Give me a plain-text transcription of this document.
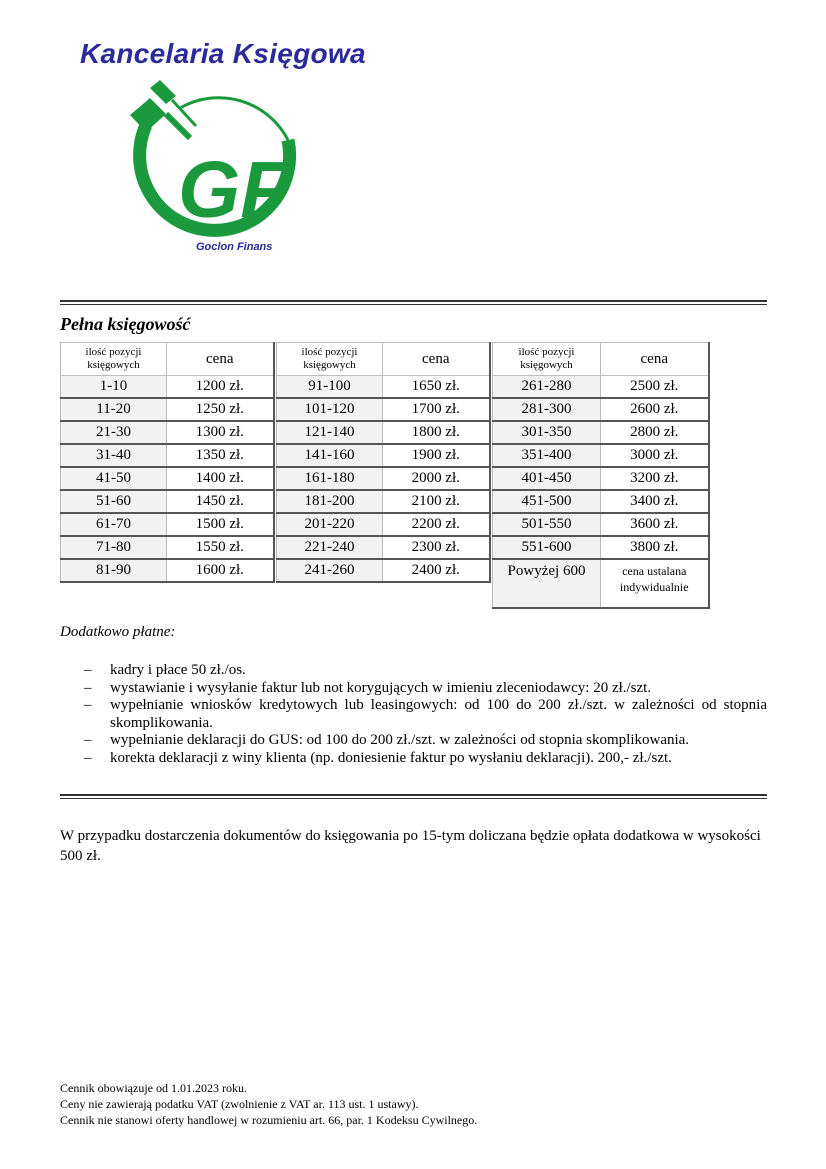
Kancelaria Księgowa
GF
Goclon Finans
Pełna księgowość
ilość pozycji księgowych	cena
1-10	1200 zł.
11-20	1250 zł.
21-30	1300 zł.
31-40	1350 zł.
41-50	1400 zł.
51-60	1450 zł.
61-70	1500 zł.
71-80	1550 zł.
81-90	1600 zł.
ilość pozycji księgowych	cena
91-100	1650 zł.
101-120	1700 zł.
121-140	1800 zł.
141-160	1900 zł.
161-180	2000 zł.
181-200	2100 zł.
201-220	2200 zł.
221-240	2300 zł.
241-260	2400 zł.
ilość pozycji księgowych	cena
261-280	2500 zł.
281-300	2600 zł.
301-350	2800 zł.
351-400	3000 zł.
401-450	3200 zł.
451-500	3400 zł.
501-550	3600 zł.
551-600	3800 zł.
Powyżej 600	cena ustalana indywidualnie

Dodatkowo płatne:

– kadry i płace 50 zł./os.
– wystawianie i wysyłanie faktur lub not korygujących w imieniu zleceniodawcy: 20 zł./szt.
– wypełnianie wniosków kredytowych lub leasingowych: od 100 do 200 zł./szt. w zależności od stopnia skomplikowania.
– wypełnianie deklaracji do GUS: od 100 do 200 zł./szt. w zależności od stopnia skomplikowania.
– korekta deklaracji z winy klienta (np. doniesienie faktur po wysłaniu deklaracji). 200,- zł./szt.

W przypadku dostarczenia dokumentów do księgowania po 15-tym doliczana będzie opłata dodatkowa w wysokości 500 zł.

Cennik obowiązuje od 1.01.2023 roku.
Ceny nie zawierają podatku VAT (zwolnienie z VAT ar. 113 ust. 1 ustawy).
Cennik nie stanowi oferty handlowej w rozumieniu art. 66, par. 1 Kodeksu Cywilnego.
